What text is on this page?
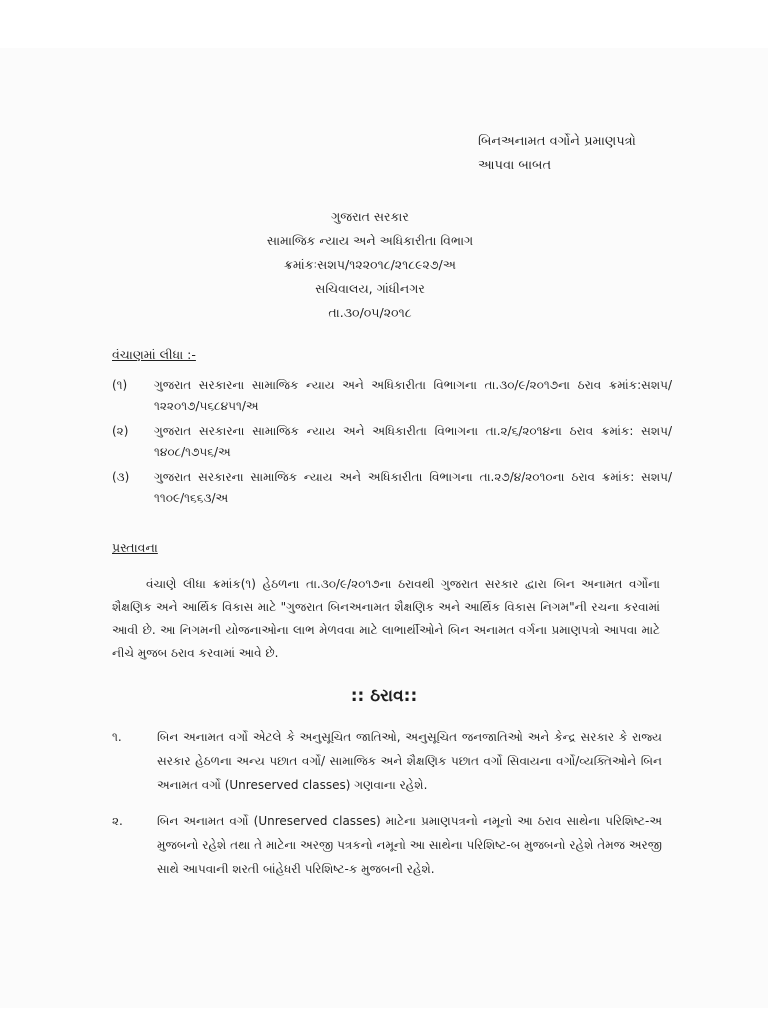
બિનઅનામત વર્ગોને પ્રમાણપત્રો
આપવા બાબત
ગુજરાત સરકાર
સામાજિક ન્યાય અને અધિકારીતા વિભાગ
ક્રમાંકઃસશપ/૧૨૨૦૧૮/૨૧૮૯૨૭/અ
સચિવાલય, ગાંધીનગર
તા.૩૦/૦૫/૨૦૧૮
વંચાણમાં લીધા :-
(૧)	ગુજરાત સરકારના સામાજિક ન્યાય અને અધિકારીતા વિભાગના તા.૩૦/૯/૨૦૧૭ના ઠરાવ ક્રમાંક:સશપ/૧૨૨૦૧૭/૫૬૮૪૫૧/અ
(૨)	ગુજરાત સરકારના સામાજિક ન્યાય અને અધિકારીતા વિભાગના તા.૨/૬/૨૦૧૪ના ઠરાવ ક્રમાંક: સશપ/૧૪૦૮/૧૭૫૬/અ
(૩)	ગુજરાત સરકારના સામાજિક ન્યાય અને અધિકારીતા વિભાગના તા.૨૭/૪/૨૦૧૦ના ઠરાવ ક્રમાંક: સશપ/૧૧૦૯/૧૬૬૩/અ
પ્રસ્તાવના
વંચાણે લીધા ક્રમાંક(૧) હેઠળના તા.૩૦/૯/૨૦૧૭ના ઠરાવથી ગુજરાત સરકાર દ્વારા બિન અનામત વર્ગોના શૈક્ષણિક અને આર્થિક વિકાસ માટે "ગુજરાત બિનઅનામત શૈક્ષણિક અને આર્થિક વિકાસ નિગમ"ની રચના કરવામાં આવી છે. આ નિગમની યોજનાઓના લાભ મેળવવા માટે લાભાર્થીઓને બિન અનામત વર્ગના પ્રમાણપત્રો આપવા માટે નીચે મુજબ ઠરાવ કરવામાં આવે છે.
:: ઠરાવ::
૧.	બિન અનામત વર્ગો એટલે કે અનુસૂચિત જાતિઓ, અનુસૂચિત જનજાતિઓ અને કેન્દ્ર સરકાર કે રાજ્ય સરકાર હેઠળના અન્ય પછાત વર્ગો/ સામાજિક અને શૈક્ષણિક પછાત વર્ગો સિવાયના વર્ગો/વ્યક્તિઓને બિન અનામત વર્ગો (Unreserved classes) ગણવાના રહેશે.
૨.	બિન અનામત વર્ગો (Unreserved classes) માટેના પ્રમાણપત્રનો નમૂનો આ ઠરાવ સાથેના પરિશિષ્ટ-અ મુજબનો રહેશે તથા તે માટેના અરજી પત્રકનો નમૂનો આ સાથેના પરિશિષ્ટ-બ મુજબનો રહેશે તેમજ અરજી સાથે આપવાની શરતી બાંહેધરી પરિશિષ્ટ-ક મુજબની રહેશે.
